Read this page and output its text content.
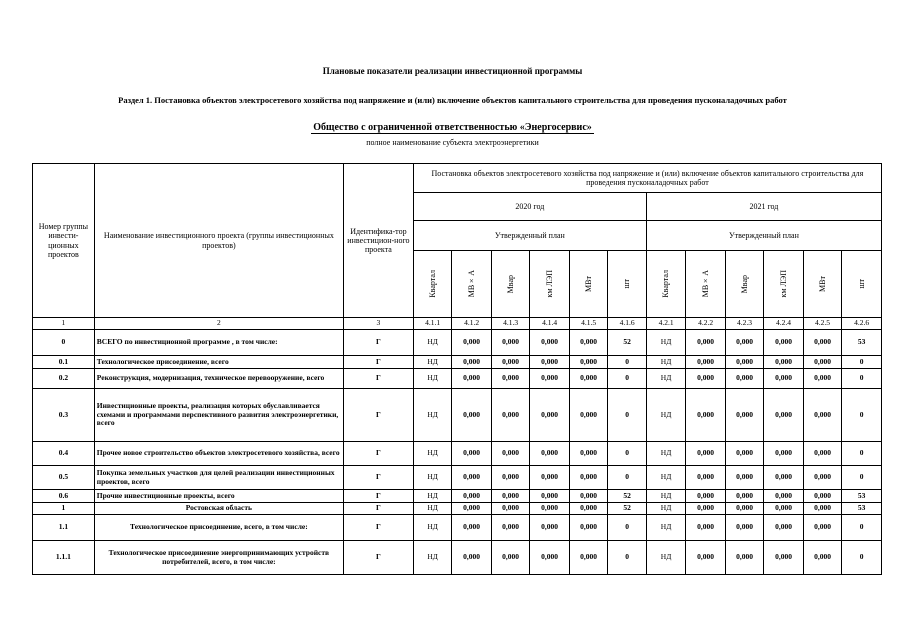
Плановые показатели реализации инвестиционной программы
Раздел 1. Постановка объектов электросетевого хозяйства под напряжение и (или) включение объектов капитального строительства для проведения пусконаладочных работ
Общество с ограниченной ответственностью «Энергосервис»
полное наименование субъекта электроэнергетики
Номер группы инвести-ционных проектов	Наименование инвестиционного проекта (группы инвестиционных проектов)	Идентифика-тор инвестицион-ного проекта	Постановка объектов электросетевого хозяйства под напряжение и (или) включение объектов капитального строительства для проведения пусконаладочных работ											
			2020 год						2021 год					
			Утвержденный план						Утвержденный план					

			Квартал	МВ×А	Мвар	км ЛЭП	МВт	шт	Квартал	МВ×А	Мвар	км ЛЭП	МВт	шт

1	2	3	4.1.1	4.1.2	4.1.3	4.1.4	4.1.5	4.1.6	4.2.1	4.2.2	4.2.3	4.2.4	4.2.5	4.2.6
0	ВСЕГО по инвестиционной программе , в том числе:	Г	НД	0,000	0,000	0,000	0,000	52	НД	0,000	0,000	0,000	0,000	53
0.1	Технологическое присоединение, всего	Г	НД	0,000	0,000	0,000	0,000	0	НД	0,000	0,000	0,000	0,000	0
0.2	Реконструкция, модернизация, техническое перевооружение, всего	Г	НД	0,000	0,000	0,000	0,000	0	НД	0,000	0,000	0,000	0,000	0
0.3	Инвестиционные проекты, реализация которых обуславливается схемами и программами перспективного развития электроэнергетики, всего	Г	НД	0,000	0,000	0,000	0,000	0	НД	0,000	0,000	0,000	0,000	0
0.4	Прочее новое строительство объектов электросетевого хозяйства, всего	Г	НД	0,000	0,000	0,000	0,000	0	НД	0,000	0,000	0,000	0,000	0
0.5	Покупка земельных участков для целей реализации инвестиционных проектов, всего	Г	НД	0,000	0,000	0,000	0,000	0	НД	0,000	0,000	0,000	0,000	0
0.6	Прочие инвестиционные проекты, всего	Г	НД	0,000	0,000	0,000	0,000	52	НД	0,000	0,000	0,000	0,000	53
1	Ростовская область	Г	НД	0,000	0,000	0,000	0,000	52	НД	0,000	0,000	0,000	0,000	53
1.1	Технологическое присоединение, всего, в том числе:	Г	НД	0,000	0,000	0,000	0,000	0	НД	0,000	0,000	0,000	0,000	0
1.1.1	Технологическое присоединение энергопринимающих устройств потребителей, всего, в том числе:	Г	НД	0,000	0,000	0,000	0,000	0	НД	0,000	0,000	0,000	0,000	0
